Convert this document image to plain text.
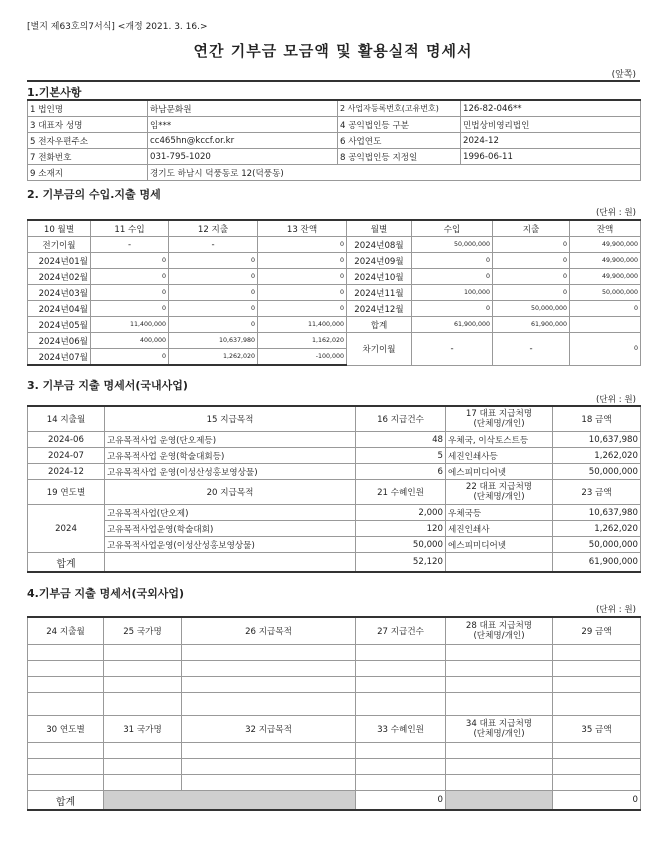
[별지 제63호의7서식] <개정 2021. 3. 16.>
연간 기부금 모금액 및 활용실적 명세서
(앞쪽)
1.기본사항
1 법인명	하남문화원	2 사업자등록번호(고유번호)	126-82-046**
3 대표자 성명	임***	4 공익법인등 구분	민법상비영리법인
5 전자우편주소	cc465hn@kccf.or.kr	6 사업연도	2024-12
7 전화번호	031-795-1020	8 공익법인등 지정일	1996-06-11
9 소재지	경기도 하남시 덕풍동로 12(덕풍동)		
2. 기부금의 수입.지출 명세
(단위 : 원)
10 월별	11 수입	12 지출	13 잔액	월별	수입	지출	잔액
전기이월	-	-	0	2024년08월	50,000,000	0	49,900,000
2024년01월	0	0	0	2024년09월	0	0	49,900,000
2024년02월	0	0	0	2024년10월	0	0	49,900,000
2024년03월	0	0	0	2024년11월	100,000	0	50,000,000
2024년04월	0	0	0	2024년12월	0	50,000,000	0
2024년05월	11,400,000	0	11,400,000	합계	61,900,000	61,900,000	
2024년06월	400,000	10,637,980	1,162,020	차기이월	-	-	0
2024년07월	0	1,262,020	-100,000				
3. 기부금 지출 명세서(국내사업)
(단위 : 원)
14 지출월	15 지급목적	16 지급건수	17 대표 지급처명
(단체명/개인)	18 금액
2024-06	고유목적사업 운영(단오제등)	48	우체국, 이삭토스트등	10,637,980
2024-07	고유목적사업 운영(학술대회등)	5	세진인쇄사등	1,262,020
2024-12	고유목적사업 운영(이성산성홍보영상물)	6	에스피미디어넷	50,000,000
19 연도별	20 지급목적	21 수혜인원	22 대표 지급처명
(단체명/개인)	23 금액
2024	고유목적사업(단오제)	2,000	우체국등	10,637,980
	고유목적사업운영(학술대회)	120	세진인쇄사	1,262,020
	고유목적사업운영(이성산성홍보영상물)	50,000	에스피미디어넷	50,000,000
합계		52,120		61,900,000
4.기부금 지출 명세서(국외사업)
(단위 : 원)
24 지출월	25 국가명	26 지급목적	27 지급건수	28 대표 지급처명
(단체명/개인)	29 금액

30 연도별	31 국가명	32 지급목적	33 수혜인원	34 대표 지급처명
(단체명/개인)	35 금액

합계			0		0
